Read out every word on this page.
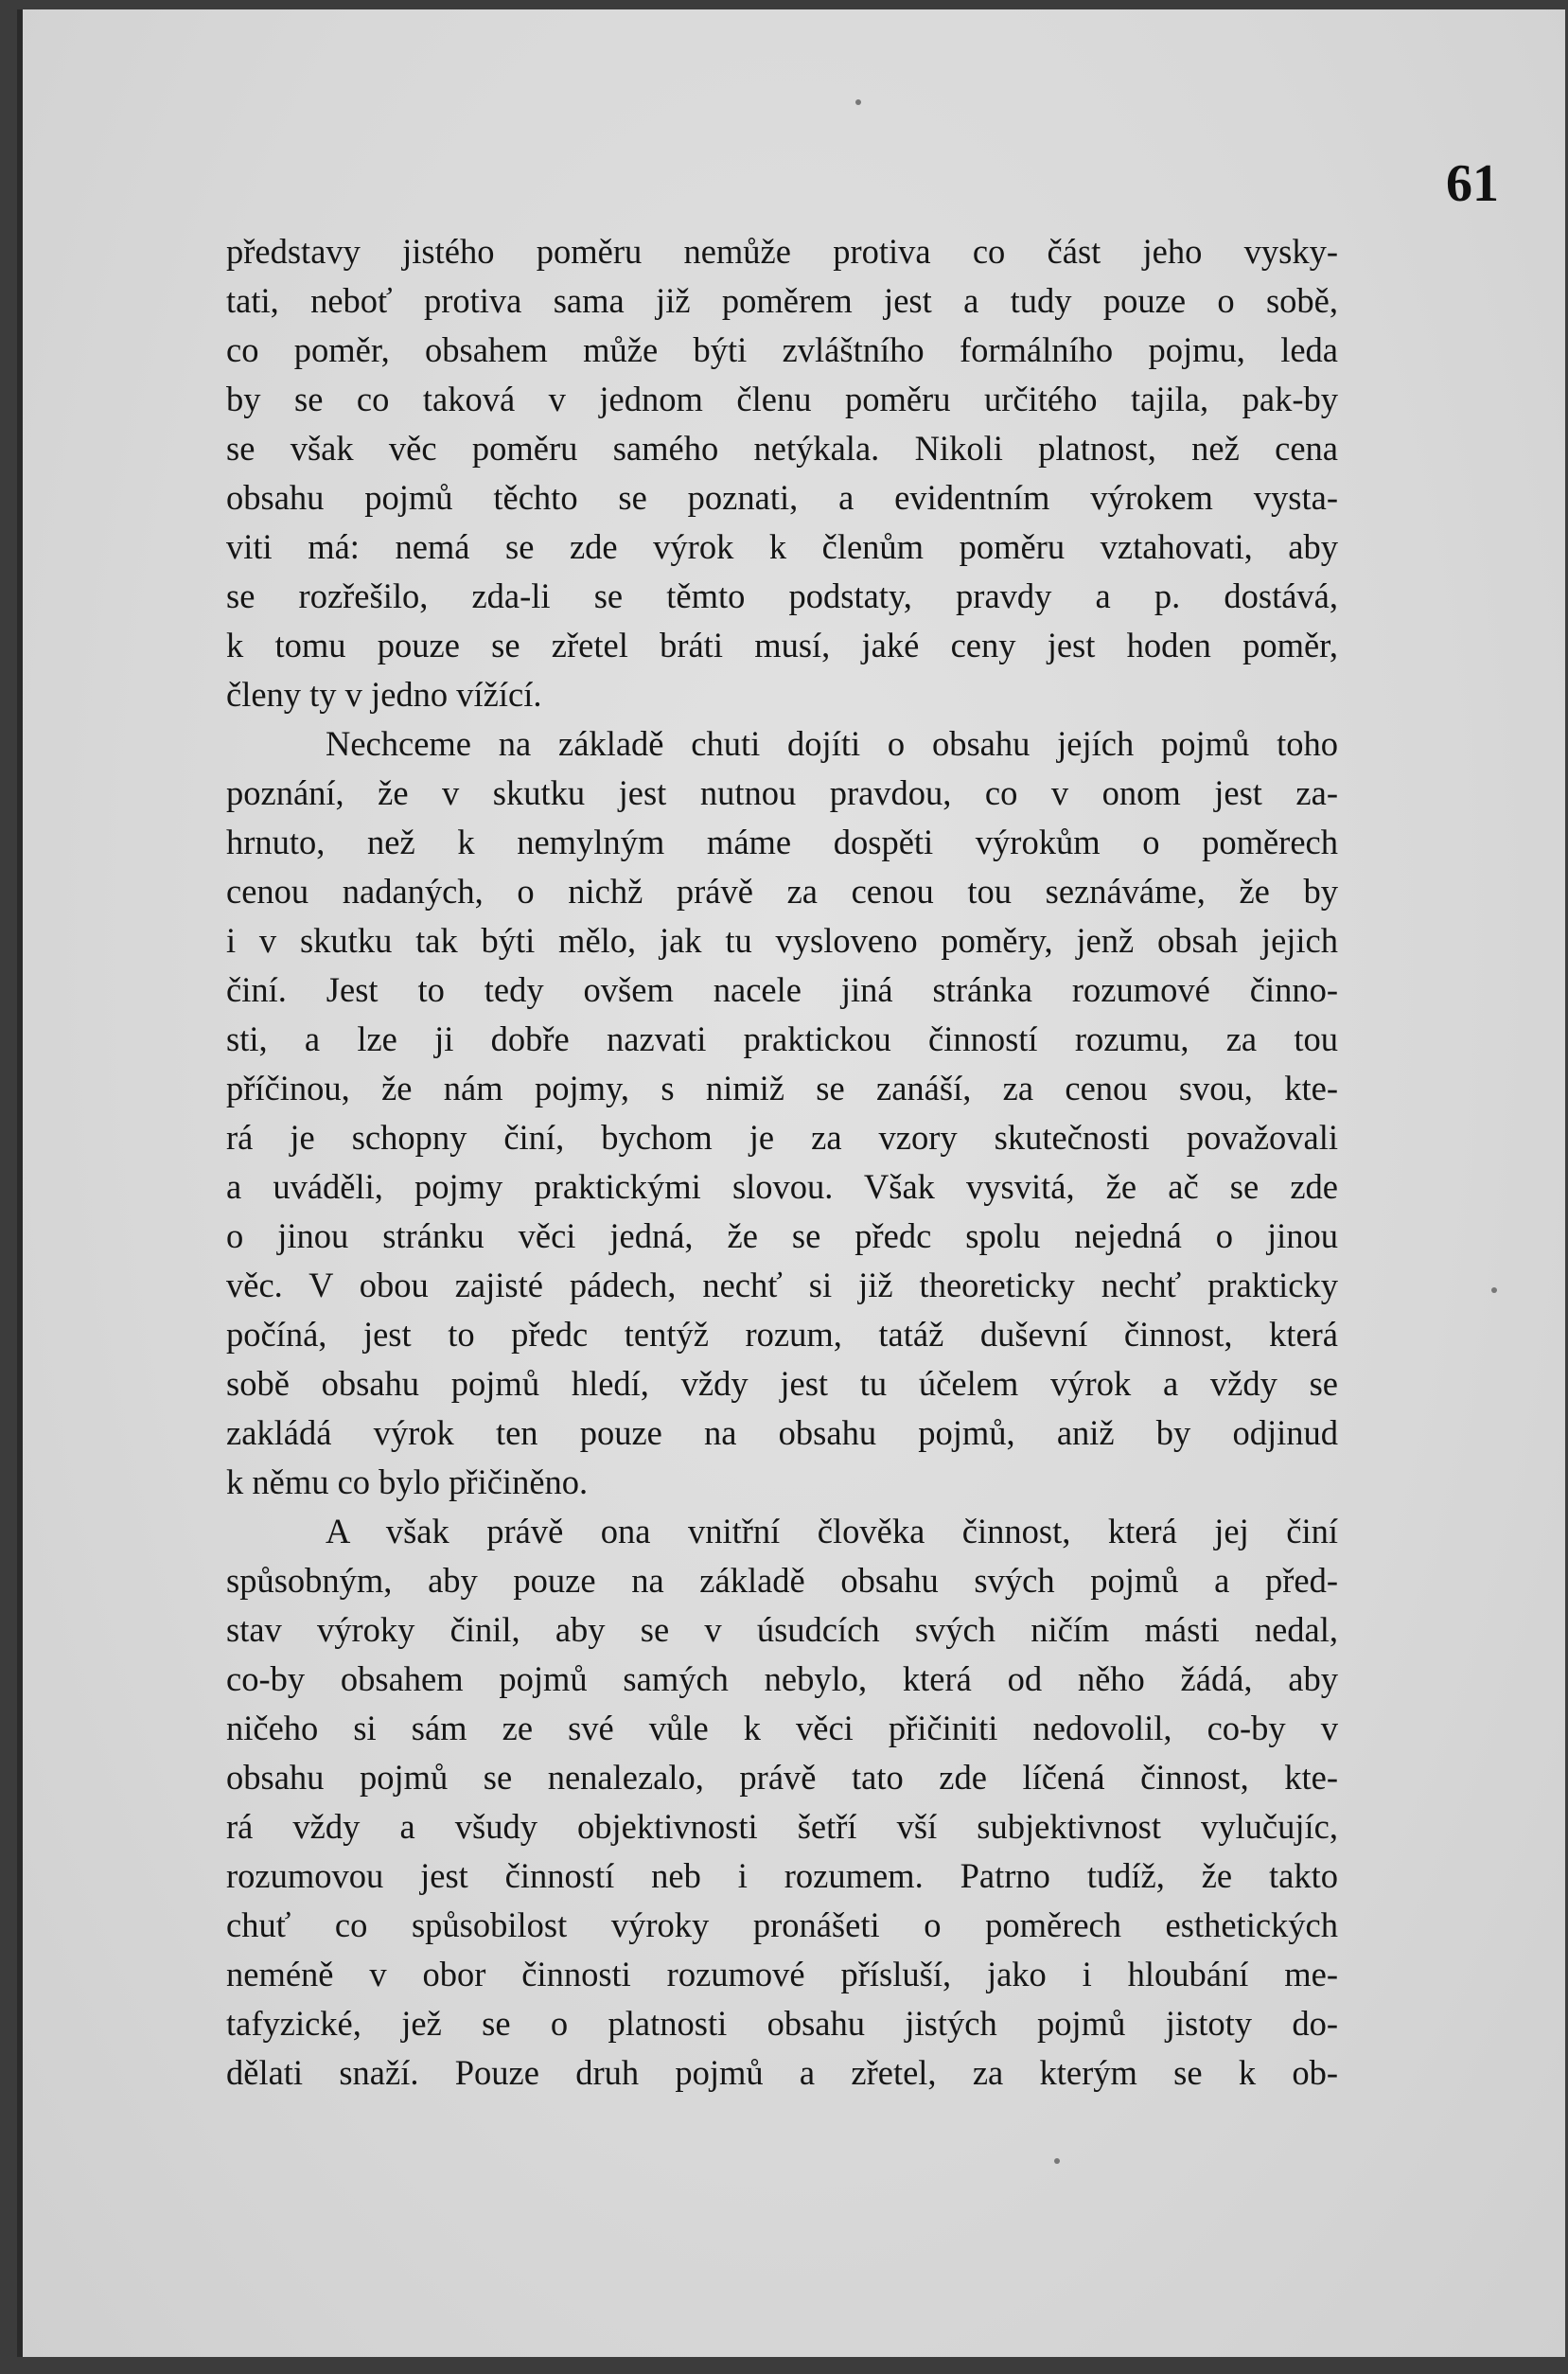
61
představy jistého poměru nemůže protiva co část jeho vysky-
tati, neboť protiva sama již poměrem jest a tudy pouze o sobě,
co poměr, obsahem může býti zvláštního formálního pojmu, leda
by se co taková v jednom členu poměru určitého tajila, pak-by
se však věc poměru samého netýkala. Nikoli platnost, než cena
obsahu pojmů těchto se poznati, a evidentním výrokem vysta-
viti má: nemá se zde výrok k členům poměru vztahovati, aby
se rozřešilo, zda-li se těmto podstaty, pravdy a p. dostává,
k tomu pouze se zřetel bráti musí, jaké ceny jest hoden poměr,
členy ty v jedno vížící.
Nechceme na základě chuti dojíti o obsahu jejích pojmů toho
poznání, že v skutku jest nutnou pravdou, co v onom jest za-
hrnuto, než k nemylným máme dospěti výrokům o poměrech
cenou nadaných, o nichž právě za cenou tou seznáváme, že by
i v skutku tak býti mělo, jak tu vysloveno poměry, jenž obsah jejich
činí. Jest to tedy ovšem nacele jiná stránka rozumové činno-
sti, a lze ji dobře nazvati praktickou činností rozumu, za tou
příčinou, že nám pojmy, s nimiž se zanáší, za cenou svou, kte-
rá je schopny činí, bychom je za vzory skutečnosti považovali
a uváděli, pojmy praktickými slovou. Však vysvitá, že ač se zde
o jinou stránku věci jedná, že se předc spolu nejedná o jinou
věc. V obou zajisté pádech, nechť si již theoreticky nechť prakticky
počíná, jest to předc tentýž rozum, tatáž duševní činnost, která
sobě obsahu pojmů hledí, vždy jest tu účelem výrok a vždy se
zakládá výrok ten pouze na obsahu pojmů, aniž by odjinud
k němu co bylo přičiněno.
A však právě ona vnitřní člověka činnost, která jej činí
spůsobným, aby pouze na základě obsahu svých pojmů a před-
stav výroky činil, aby se v úsudcích svých ničím másti nedal,
co-by obsahem pojmů samých nebylo, která od něho žádá, aby
ničeho si sám ze své vůle k věci přičiniti nedovolil, co-by v
obsahu pojmů se nenalezalo, právě tato zde líčená činnost, kte-
rá vždy a všudy objektivnosti šetří vší subjektivnost vylučujíc,
rozumovou jest činností neb i rozumem. Patrno tudíž, že takto
chuť co spůsobilost výroky pronášeti o poměrech esthetických
neméně v obor činnosti rozumové přísluší, jako i hloubání me-
tafyzické, jež se o platnosti obsahu jistých pojmů jistoty do-
dělati snaží. Pouze druh pojmů a zřetel, za kterým se k ob-
